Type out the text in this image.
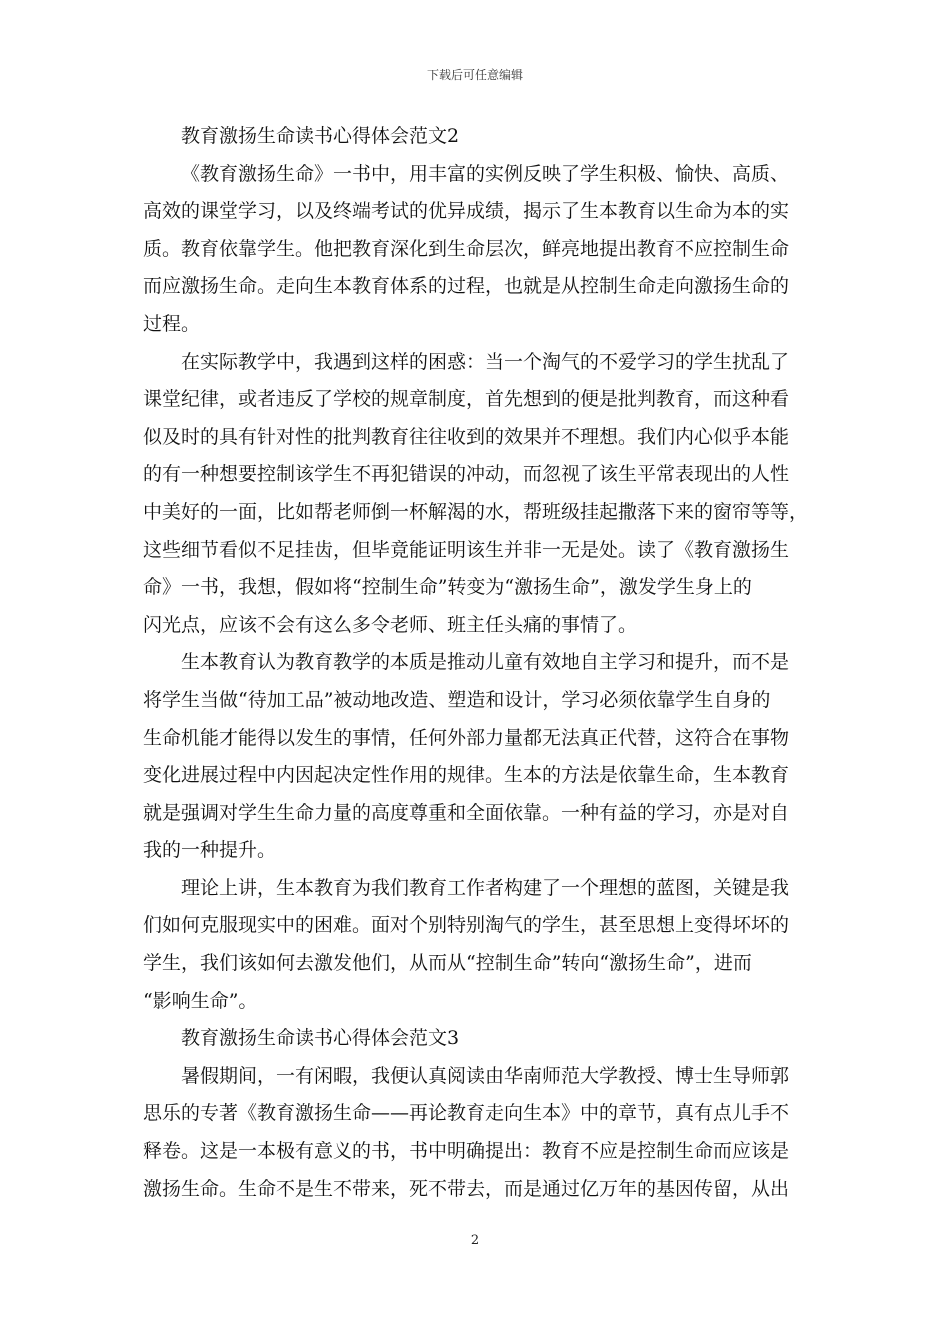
下载后可任意编辑
教育激扬生命读书心得体会范文2
《教育激扬生命》一书中，用丰富的实例反映了学生积极、愉快、高质、
高效的课堂学习，以及终端考试的优异成绩，揭示了生本教育以生命为本的实
质。教育依靠学生。他把教育深化到生命层次，鲜亮地提出教育不应控制生命
而应激扬生命。走向生本教育体系的过程，也就是从控制生命走向激扬生命的
过程。
在实际教学中，我遇到这样的困惑：当一个淘气的不爱学习的学生扰乱了
课堂纪律，或者违反了学校的规章制度，首先想到的便是批判教育，而这种看
似及时的具有针对性的批判教育往往收到的效果并不理想。我们内心似乎本能
的有一种想要控制该学生不再犯错误的冲动，而忽视了该生平常表现出的人性
中美好的一面，比如帮老师倒一杯解渴的水，帮班级挂起撒落下来的窗帘等等，
这些细节看似不足挂齿，但毕竟能证明该生并非一无是处。读了《教育激扬生
命》一书，我想，假如将“控制生命”转变为“激扬生命”，激发学生身上的
闪光点，应该不会有这么多令老师、班主任头痛的事情了。
生本教育认为教育教学的本质是推动儿童有效地自主学习和提升，而不是
将学生当做“待加工品”被动地改造、塑造和设计，学习必须依靠学生自身的
生命机能才能得以发生的事情，任何外部力量都无法真正代替，这符合在事物
变化进展过程中内因起决定性作用的规律。生本的方法是依靠生命，生本教育
就是强调对学生生命力量的高度尊重和全面依靠。一种有益的学习，亦是对自
我的一种提升。
理论上讲，生本教育为我们教育工作者构建了一个理想的蓝图，关键是我
们如何克服现实中的困难。面对个别特别淘气的学生，甚至思想上变得坏坏的
学生，我们该如何去激发他们，从而从“控制生命”转向“激扬生命”，进而
“影响生命”。
教育激扬生命读书心得体会范文3
暑假期间，一有闲暇，我便认真阅读由华南师范大学教授、博士生导师郭
思乐的专著《教育激扬生命——再论教育走向生本》中的章节，真有点儿手不
释卷。这是一本极有意义的书，书中明确提出：教育不应是控制生命而应该是
激扬生命。生命不是生不带来，死不带去，而是通过亿万年的基因传留，从出
2
